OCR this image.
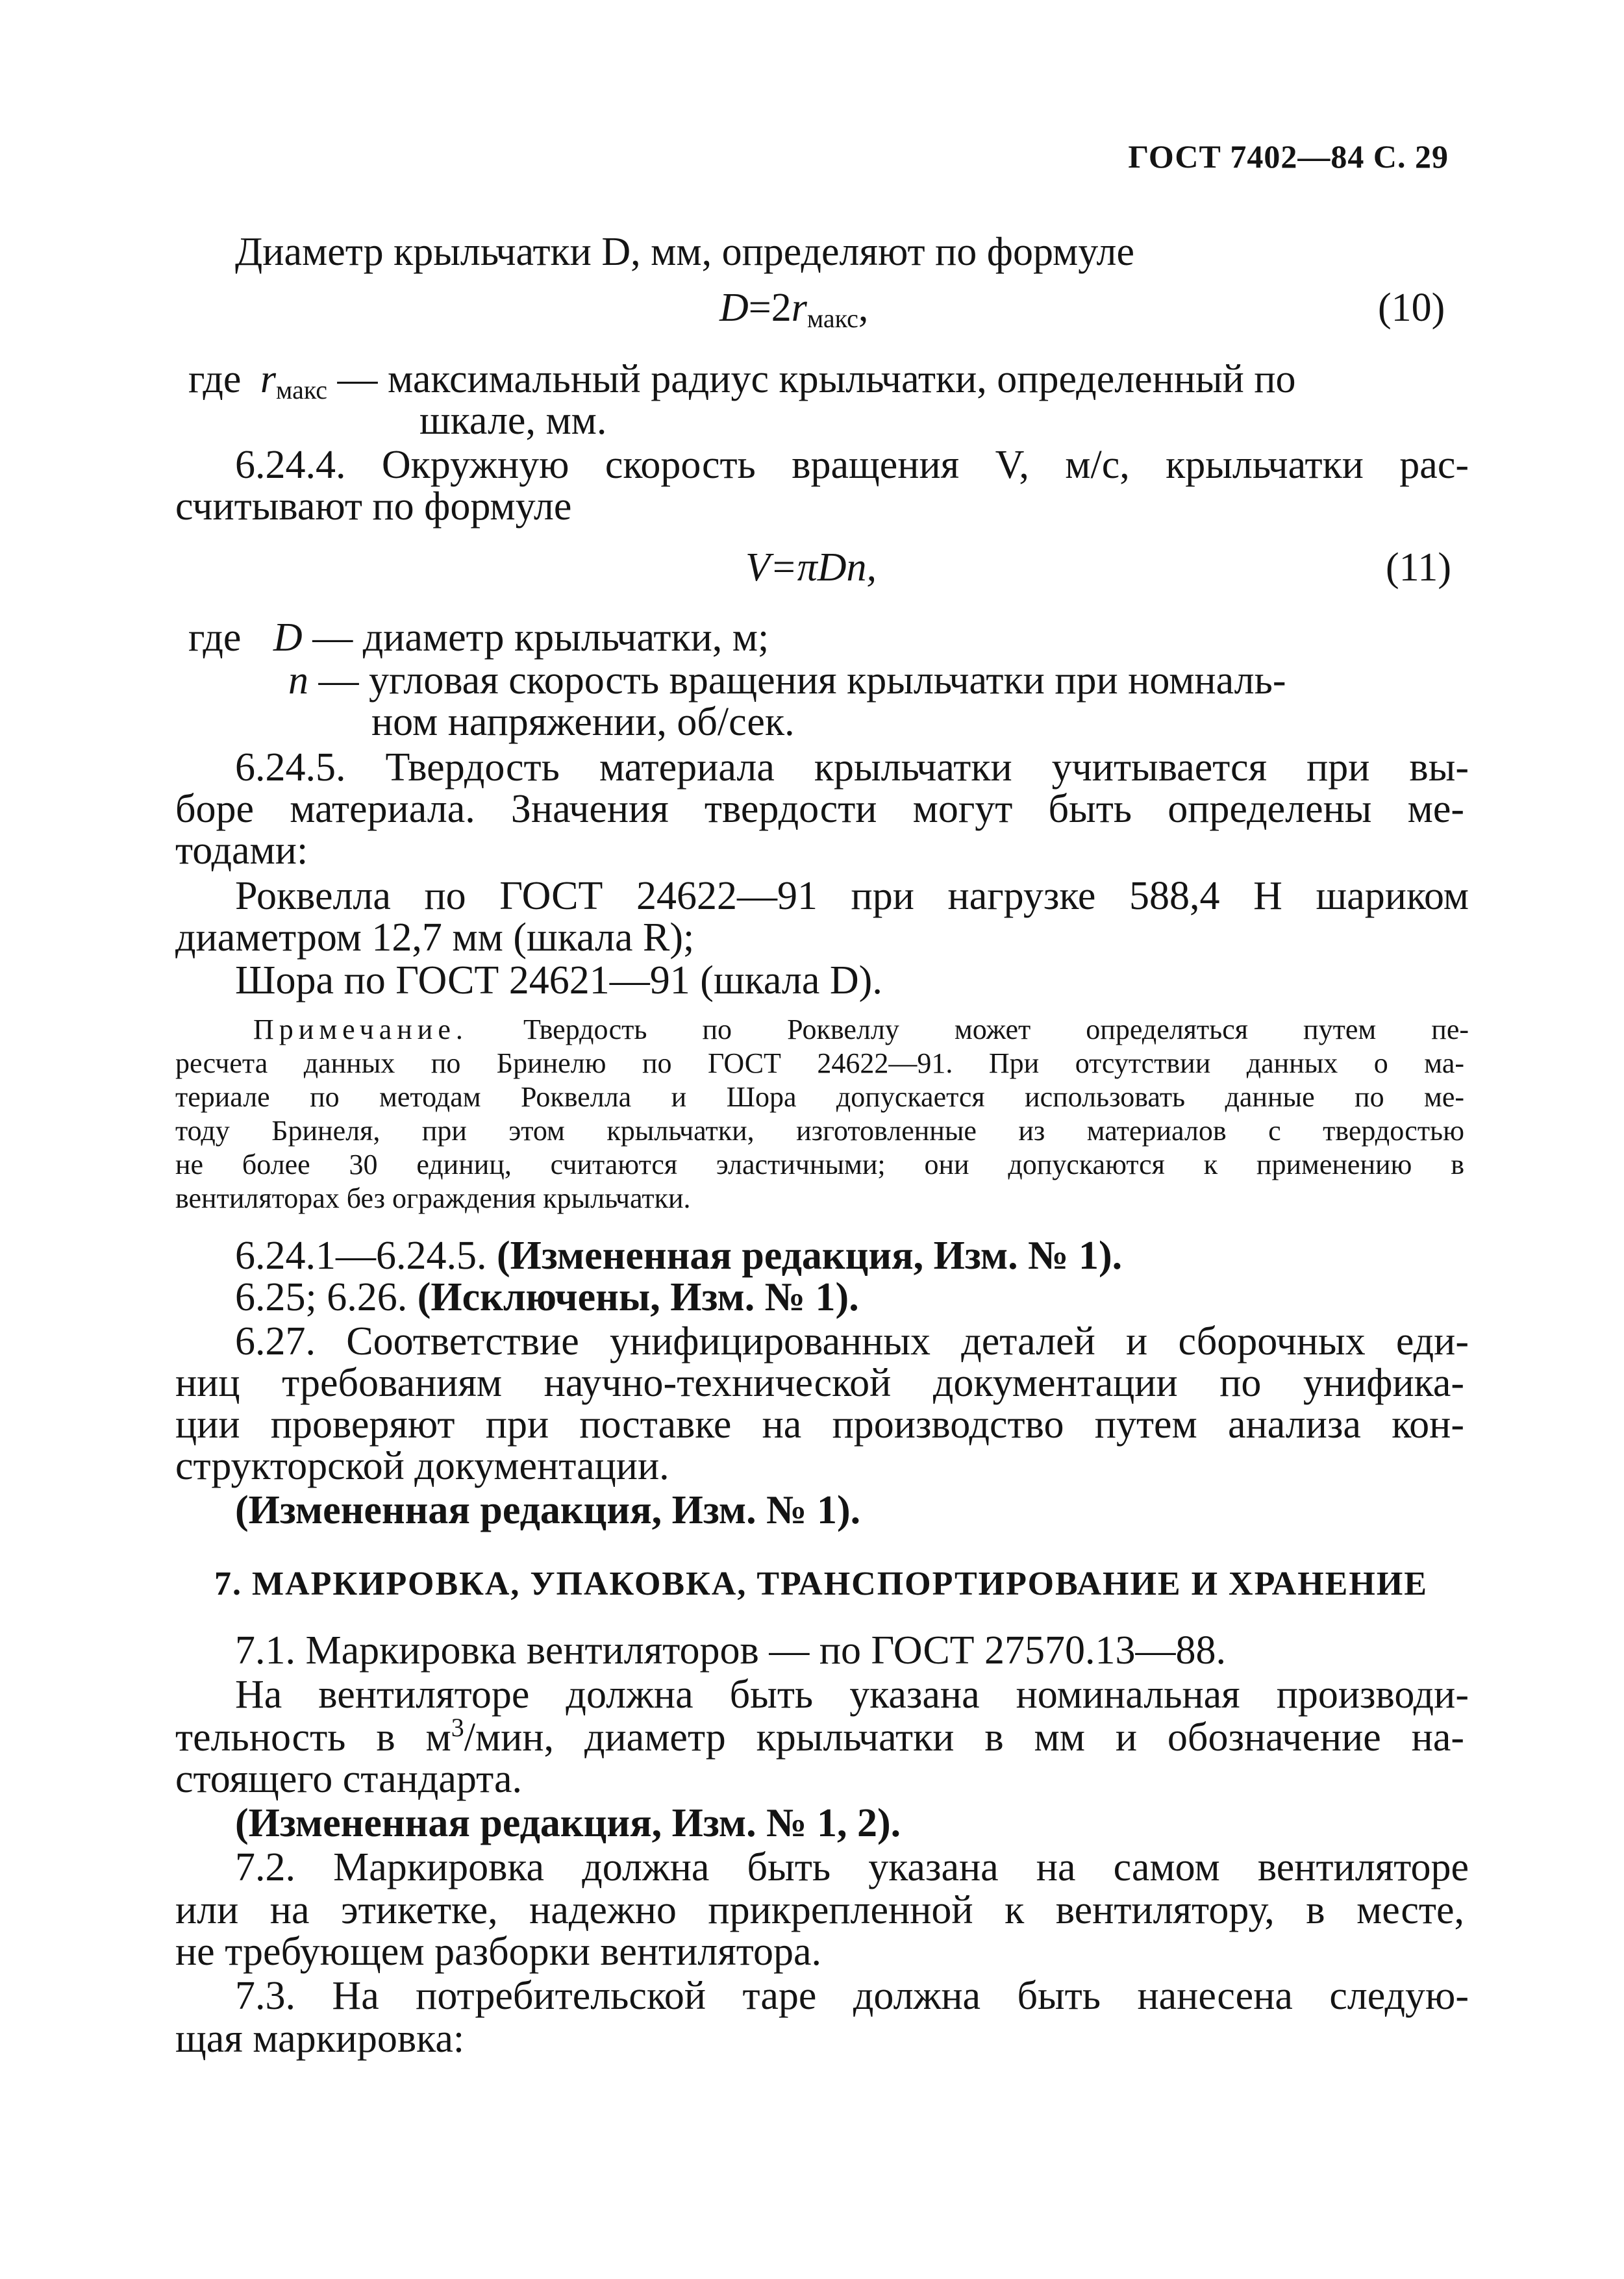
ГОСТ 7402—84 С. 29
Диаметр крыльчатки D, мм, определяют по формуле
$D=2r_{макс}$,	(10)
где $r_{макс}$ — максимальный радиус крыльчатки, определенный по
шкале, мм.
6.24.4. Окружную скорость вращения V, м/с, крыльчатки рас-
считывают по формуле
V=πDn,	(11)
где D — диаметр крыльчатки, м;
n — угловая скорость вращения крыльчатки при номналь-
ном напряжении, об/сек.
6.24.5. Твердость материала крыльчатки учитывается при вы-
боре материала. Значения твердости могут быть определены ме-
тодами:
Роквелла по ГОСТ 24622—91 при нагрузке 588,4 Н шариком
диаметром 12,7 мм (шкала R);
Шора по ГОСТ 24621—91 (шкала D).
Примечание. Твердость по Роквеллу может определяться путем пе-
ресчета данных по Бринелю по ГОСТ 24622—91. При отсутствии данных о ма-
териале по методам Роквелла и Шора допускается использовать данные по ме-
тоду Бринеля, при этом крыльчатки, изготовленные из материалов с твердостью
не более 30 единиц, считаются эластичными; они допускаются к применению в
вентиляторах без ограждения крыльчатки.
6.24.1—6.24.5. (Измененная редакция, Изм. № 1).
6.25; 6.26. (Исключены, Изм. № 1).
6.27. Соответствие унифицированных деталей и сборочных еди-
ниц требованиям научно-технической документации по унифика-
ции проверяют при поставке на производство путем анализа кон-
структорской документации.
(Измененная редакция, Изм. № 1).
7. МАРКИРОВКА, УПАКОВКА, ТРАНСПОРТИРОВАНИЕ И ХРАНЕНИЕ
7.1. Маркировка вентиляторов — по ГОСТ 27570.13—88.
На вентиляторе должна быть указана номинальная производи-
тельность в $м^3$/мин, диаметр крыльчатки в мм и обозначение на-
стоящего стандарта.
(Измененная редакция, Изм. № 1, 2).
7.2. Маркировка должна быть указана на самом вентиляторе
или на этикетке, надежно прикрепленной к вентилятору, в месте,
не требующем разборки вентилятора.
7.3. На потребительской таре должна быть нанесена следую-
щая маркировка:
